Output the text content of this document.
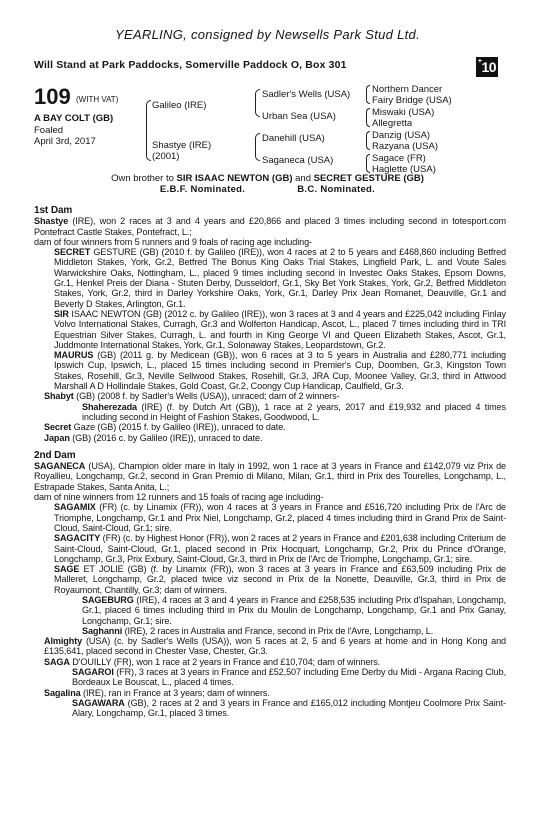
YEARLING, consigned by Newsells Park Stud Ltd.
Will Stand at Park Paddocks, Somerville Paddock O, Box 301	+10
109 (WITH VAT)
A BAY COLT (GB)
Foaled
April 3rd, 2017
Galileo (IRE)
Shastye (IRE)
(2001)
Sadler's Wells (USA)
Urban Sea (USA)
Danehill (USA)
Saganeca (USA)
Northern Dancer
Fairy Bridge (USA)
Miswaki (USA)
Allegretta
Danzig (USA)
Razyana (USA)
Sagace (FR)
Haglette (USA)
Own brother to SIR ISAAC NEWTON (GB) and SECRET GESTURE (GB)
E.B.F. Nominated.	B.C. Nominated.
1st Dam

Shastye (IRE), won 2 races at 3 and 4 years and £20,866 and placed 3 times including second in totesport.com Pontefract Castle Stakes, Pontefract, L.;

dam of four winners from 5 runners and 9 foals of racing age including-

SECRET GESTURE (GB) (2010 f. by Galileo (IRE)), won 4 races at 2 to 5 years and £468,860 including Betfred Middleton Stakes, York, Gr.2, Betfred The Bonus King Oaks Trial Stakes, Lingfield Park, L. and Voute Sales Warwickshire Oaks, Nottingham, L., placed 9 times including second in Investec Oaks Stakes, Epsom Downs, Gr.1, Henkel Preis der Diana - Stuten Derby, Dusseldorf, Gr.1, Sky Bet York Stakes, York, Gr.2, Betfred Middleton Stakes, York, Gr.2, third in Darley Yorkshire Oaks, York, Gr.1, Darley Prix Jean Romanet, Deauville, Gr.1 and Beverly D Stakes, Arlington, Gr.1.

SIR ISAAC NEWTON (GB) (2012 c. by Galileo (IRE)), won 3 races at 3 and 4 years and £225,042 including Finlay Volvo International Stakes, Curragh, Gr.3 and Wolferton Handicap, Ascot, L., placed 7 times including third in TRI Equestrian Silver Stakes, Curragh, L. and fourth in King George VI and Queen Elizabeth Stakes, Ascot, Gr.1, Juddmonte International Stakes, York, Gr.1, Solonaway Stakes, Leopardstown, Gr.2.

MAURUS (GB) (2011 g. by Medicean (GB)), won 6 races at 3 to 5 years in Australia and £280,771 including Ipswich Cup, Ipswich, L., placed 15 times including second in Premier's Cup, Doomben, Gr.3, Kingston Town Stakes, Rosehill, Gr.3, Neville Sellwood Stakes, Rosehill, Gr.3, JRA Cup, Moonee Valley, Gr.3, third in Attwood Marshall A D Hollindale Stakes, Gold Coast, Gr.2, Coongy Cup Handicap, Caulfield, Gr.3.

Shabyt (GB) (2008 f. by Sadler's Wells (USA)), unraced; dam of 2 winners-

Shaherezada (IRE) (f. by Dutch Art (GB)), 1 race at 2 years, 2017 and £19,932 and placed 4 times including second in Height of Fashion Stakes, Goodwood, L.

Secret Gaze (GB) (2015 f. by Galileo (IRE)), unraced to date.

Japan (GB) (2016 c. by Galileo (IRE)), unraced to date.

2nd Dam

SAGANECA (USA), Champion older mare in Italy in 1992, won 1 race at 3 years in France and £142,079 viz Prix de Royallieu, Longchamp, Gr.2, second in Gran Premio di Milano, Milan, Gr.1, third in Prix des Tourelles, Longchamp, L., Estrapade Stakes, Santa Anita, L.;

dam of nine winners from 12 runners and 15 foals of racing age including-

SAGAMIX (FR) (c. by Linamix (FR)), won 4 races at 3 years in France and £516,720 including Prix de l'Arc de Triomphe, Longchamp, Gr.1 and Prix Niel, Longchamp, Gr.2, placed 4 times including third in Grand Prix de Saint-Cloud, Saint-Cloud, Gr.1; sire.

SAGACITY (FR) (c. by Highest Honor (FR)), won 2 races at 2 years in France and £201,638 including Criterium de Saint-Cloud, Saint-Cloud, Gr.1, placed second in Prix Hocquart, Longchamp, Gr.2, Prix du Prince d'Orange, Longchamp, Gr.3, Prix Exbury, Saint-Cloud, Gr.3, third in Prix de l'Arc de Triomphe, Longchamp, Gr.1; sire.

SAGE ET JOLIE (GB) (f. by Linamix (FR)), won 3 races at 3 years in France and £63,509 including Prix de Malleret, Longchamp, Gr.2, placed twice viz second in Prix de la Nonette, Deauville, Gr.3, third in Prix de Royaumont, Chantilly, Gr.3; dam of winners.

SAGEBURG (IRE), 4 races at 3 and 4 years in France and £258,535 including Prix d'Ispahan, Longchamp, Gr.1, placed 6 times including third in Prix du Moulin de Longchamp, Longchamp, Gr.1 and Prix Ganay, Longchamp, Gr.1; sire.

Saghanni (IRE), 2 races in Australia and France, second in Prix de l'Avre, Longchamp, L.

Almighty (USA) (c. by Sadler's Wells (USA)), won 5 races at 2, 5 and 6 years at home and in Hong Kong and £135,641, placed second in Chester Vase, Chester, Gr.3.

SAGA D'OUILLY (FR), won 1 race at 2 years in France and £10,704; dam of winners.

SAGAROI (FR), 3 races at 3 years in France and £52,507 including Eme Derby du Midi - Argana Racing Club, Bordeaux Le Bouscat, L., placed 4 times.

Sagalina (IRE), ran in France at 3 years; dam of winners.

SAGAWARA (GB), 2 races at 2 and 3 years in France and £165,012 including Montjeu Coolmore Prix Saint-Alary, Longchamp, Gr.1, placed 3 times.
